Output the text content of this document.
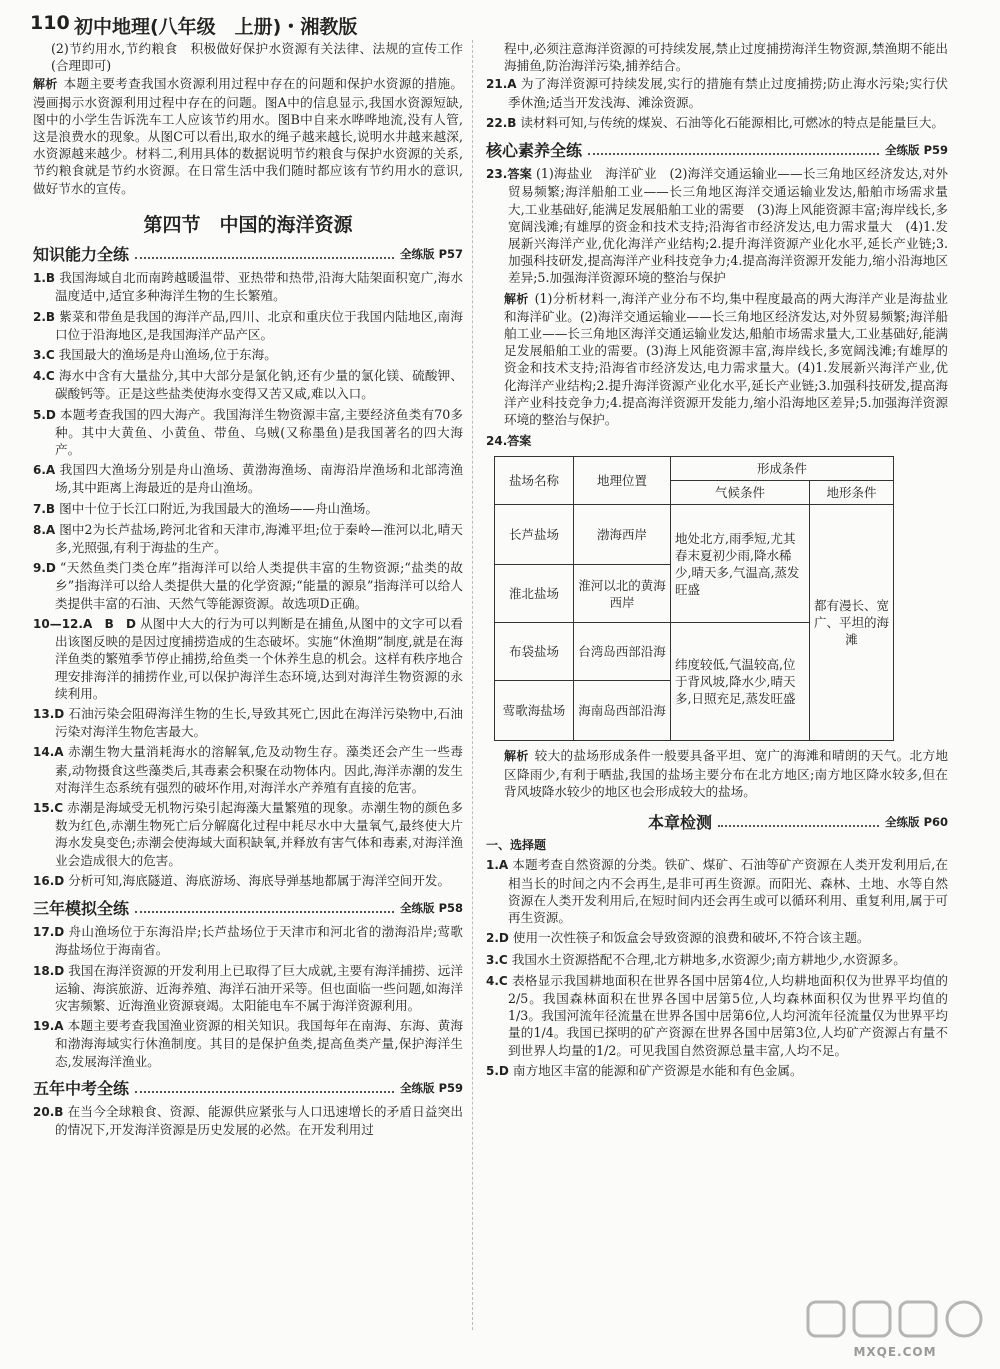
110 初中地理(八年级　上册)・湘教版

(2)节约用水,节约粮食　积极做好保护水资源有关法律、法规的宣传工作　(合理即可)

解析 本题主要考查我国水资源利用过程中存在的问题和保护水资源的措施。漫画揭示水资源利用过程中存在的问题。图A中的信息显示,我国水资源短缺,图中的小学生告诉洗车工人应该节约用水。图B中自来水哗哗地流,没有人管,这是浪费水的现象。从图C可以看出,取水的绳子越来越长,说明水井越来越深,水资源越来越少。材料二,利用具体的数据说明节约粮食与保护水资源的关系,节约粮食就是节约水资源。在日常生活中我们随时都应该有节约用水的意识,做好节水的宣传。

第四节　中国的海洋资源
知识能力全练	全练版 P57

1.B 我国海域自北而南跨越暖温带、亚热带和热带,沿海大陆架面积宽广,海水温度适中,适宜多种海洋生物的生长繁殖。

2.B 紫菜和带鱼是我国的海洋产品,四川、北京和重庆位于我国内陆地区,南海口位于沿海地区,是我国海洋产品产区。

3.C 我国最大的渔场是舟山渔场,位于东海。

4.C 海水中含有大量盐分,其中大部分是氯化钠,还有少量的氯化镁、硫酸钾、碳酸钙等。正是这些盐类使海水变得又苦又咸,难以入口。

5.D 本题考查我国的四大海产。我国海洋生物资源丰富,主要经济鱼类有70多种。其中大黄鱼、小黄鱼、带鱼、乌贼(又称墨鱼)是我国著名的四大海产。

6.A 我国四大渔场分别是舟山渔场、黄渤海渔场、南海沿岸渔场和北部湾渔场,其中距离上海最近的是舟山渔场。

7.B 图中十位于长江口附近,为我国最大的渔场——舟山渔场。

8.A 图中2为长芦盐场,跨河北省和天津市,海滩平坦;位于秦岭—淮河以北,晴天多,光照强,有利于海盐的生产。

9.D “天然鱼类门类仓库”指海洋可以给人类提供丰富的生物资源;“盐类的故乡”指海洋可以给人类提供大量的化学资源;“能量的源泉”指海洋可以给人类提供丰富的石油、天然气等能源资源。故选项D正确。

10—12.A　B　D 从图中大大的行为可以判断是在捕鱼,从图中的文字可以看出该图反映的是因过度捕捞造成的生态破坏。实施“休渔期”制度,就是在海洋鱼类的繁殖季节停止捕捞,给鱼类一个休养生息的机会。这样有秩序地合理安排海洋的捕捞作业,可以保护海洋生态环境,达到对海洋生物资源的永续利用。

13.D 石油污染会阻碍海洋生物的生长,导致其死亡,因此在海洋污染物中,石油污染对海洋生物危害最大。

14.A 赤潮生物大量消耗海水的溶解氧,危及动物生存。藻类还会产生一些毒素,动物摄食这些藻类后,其毒素会积聚在动物体内。因此,海洋赤潮的发生对海洋生态系统有强烈的破坏作用,对海洋水产养殖有直接的危害。

15.C 赤潮是海域受无机物污染引起海藻大量繁殖的现象。赤潮生物的颜色多数为红色,赤潮生物死亡后分解腐化过程中耗尽水中大量氧气,最终使大片海水发臭变色;赤潮会使海域大面积缺氧,并释放有害气体和毒素,对海洋渔业会造成很大的危害。

16.D 分析可知,海底隧道、海底游场、海底导弹基地都属于海洋空间开发。

三年模拟全练	全练版 P58

17.D 舟山渔场位于东海沿岸;长芦盐场位于天津市和河北省的渤海沿岸;莺歌海盐场位于海南省。

18.D 我国在海洋资源的开发利用上已取得了巨大成就,主要有海洋捕捞、远洋运输、海滨旅游、近海养殖、海洋石油开采等。但也面临一些问题,如海洋灾害频繁、近海渔业资源衰竭。太阳能电车不属于海洋资源利用。

19.A 本题主要考查我国渔业资源的相关知识。我国每年在南海、东海、黄海和渤海海域实行休渔制度。其目的是保护鱼类,提高鱼类产量,保护海洋生态,发展海洋渔业。

五年中考全练	全练版 P59

20.B 在当今全球粮食、资源、能源供应紧张与人口迅速增长的矛盾日益突出的情况下,开发海洋资源是历史发展的必然。在开发利用过

程中,必须注意海洋资源的可持续发展,禁止过度捕捞海洋生物资源,禁渔期不能出海捕鱼,防治海洋污染,捕养结合。

21.A 为了海洋资源可持续发展,实行的措施有禁止过度捕捞;防止海水污染;实行伏季休渔;适当开发浅海、滩涂资源。

22.B 读材料可知,与传统的煤炭、石油等化石能源相比,可燃冰的特点是能量巨大。

核心素养全练	全练版 P59

23.答案 (1)海盐业　海洋矿业　(2)海洋交通运输业——长三角地区经济发达,对外贸易频繁;海洋船舶工业——长三角地区海洋交通运输业发达,船舶市场需求量大,工业基础好,能满足发展船舶工业的需要　(3)海上风能资源丰富;海岸线长,多宽阔浅滩;有雄厚的资金和技术支持;沿海省市经济发达,电力需求量大　(4)1.发展新兴海洋产业,优化海洋产业结构;2.提升海洋资源产业化水平,延长产业链;3.加强科技研发,提高海洋产业科技竞争力;4.提高海洋资源开发能力,缩小沿海地区差异;5.加强海洋资源环境的整治与保护

解析 (1)分析材料一,海洋产业分布不均,集中程度最高的两大海洋产业是海盐业和海洋矿业。(2)海洋交通运输业——长三角地区经济发达,对外贸易频繁;海洋船舶工业——长三角地区海洋交通运输业发达,船舶市场需求量大,工业基础好,能满足发展船舶工业的需要。(3)海上风能资源丰富,海岸线长,多宽阔浅滩;有雄厚的资金和技术支持;沿海省市经济发达,电力需求量大。(4)1.发展新兴海洋产业,优化海洋产业结构;2.提升海洋资源产业化水平,延长产业链;3.加强科技研发,提高海洋产业科技竞争力;4.提高海洋资源开发能力,缩小沿海地区差异;5.加强海洋资源环境的整治与保护。

24.答案

盐场名称	地理位置	形成条件	
		气候条件	地形条件
长芦盐场	渤海西岸	地处北方,雨季短,尤其春末夏初少雨,降水稀少,晴天多,气温高,蒸发旺盛	都有漫长、宽广、平坦的海滩
淮北盐场	淮河以北的黄海西岸		
布袋盐场	台湾岛西部沿海	纬度较低,气温较高,位于背风坡,降水少,晴天多,日照充足,蒸发旺盛	
莺歌海盐场	海南岛西部沿海		

解析 较大的盐场形成条件一般要具备平坦、宽广的海滩和晴朗的天气。北方地区降雨少,有利于晒盐,我国的盐场主要分布在北方地区;南方地区降水较多,但在背风坡降水较少的地区也会形成较大的盐场。

本章检测	全练版 P60
一、选择题

1.A 本题考查自然资源的分类。铁矿、煤矿、石油等矿产资源在人类开发利用后,在相当长的时间之内不会再生,是非可再生资源。而阳光、森林、土地、水等自然资源在人类开发利用后,在短时间内还会再生或可以循环利用、重复利用,属于可再生资源。

2.D 使用一次性筷子和饭盒会导致资源的浪费和破坏,不符合该主题。

3.C 我国水土资源搭配不合理,北方耕地多,水资源少;南方耕地少,水资源多。

4.C 表格显示我国耕地面积在世界各国中居第4位,人均耕地面积仅为世界平均值的2/5。我国森林面积在世界各国中居第5位,人均森林面积仅为世界平均值的1/3。我国河流年径流量在世界各国中居第6位,人均河流年径流量仅为世界平均量的1/4。我国已探明的矿产资源在世界各国中居第3位,人均矿产资源占有量不到世界人均量的1/2。可见我国自然资源总量丰富,人均不足。

5.D 南方地区丰富的能源和矿产资源是水能和有色金属。

MXQE.COM
